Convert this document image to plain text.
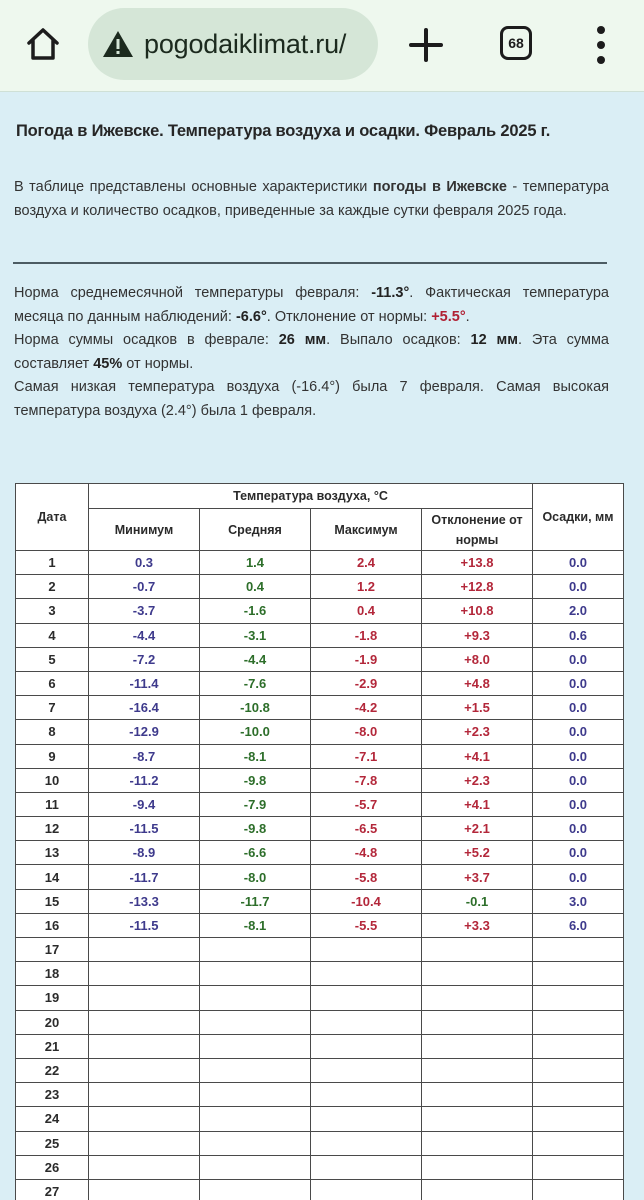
pogodaiklimat.ru/	68
Погода в Ижевске. Температура воздуха и осадки. Февраль 2025 г.
В таблице представлены основные характеристики погоды в Ижевске - температура воздуха и количество осадков, приведенные за каждые сутки февраля 2025 года.

Норма среднемесячной температуры февраля: -11.3°. Фактическая температура месяца по данным наблюдений: -6.6°. Отклонение от нормы: +5.5°.

Норма суммы осадков в феврале: 26 мм. Выпало осадков: 12 мм. Эта сумма составляет 45% от нормы.

Самая низкая температура воздуха (-16.4°) была 7 февраля. Самая высокая температура воздуха (2.4°) была 1 февраля.

Дата	Температура воздуха, °С				Осадки, мм
	Минимум	Средняя	Максимум	Отклонение от нормы	
1	0.3	1.4	2.4	+13.8	0.0
2	-0.7	0.4	1.2	+12.8	0.0
3	-3.7	-1.6	0.4	+10.8	2.0
4	-4.4	-3.1	-1.8	+9.3	0.6
5	-7.2	-4.4	-1.9	+8.0	0.0
6	-11.4	-7.6	-2.9	+4.8	0.0
7	-16.4	-10.8	-4.2	+1.5	0.0
8	-12.9	-10.0	-8.0	+2.3	0.0
9	-8.7	-8.1	-7.1	+4.1	0.0
10	-11.2	-9.8	-7.8	+2.3	0.0
11	-9.4	-7.9	-5.7	+4.1	0.0
12	-11.5	-9.8	-6.5	+2.1	0.0
13	-8.9	-6.6	-4.8	+5.2	0.0
14	-11.7	-8.0	-5.8	+3.7	0.0
15	-13.3	-11.7	-10.4	-0.1	3.0
16	-11.5	-8.1	-5.5	+3.3	6.0
17					
18					
19					
20					
21					
22					
23					
24					
25					
26					
27					
